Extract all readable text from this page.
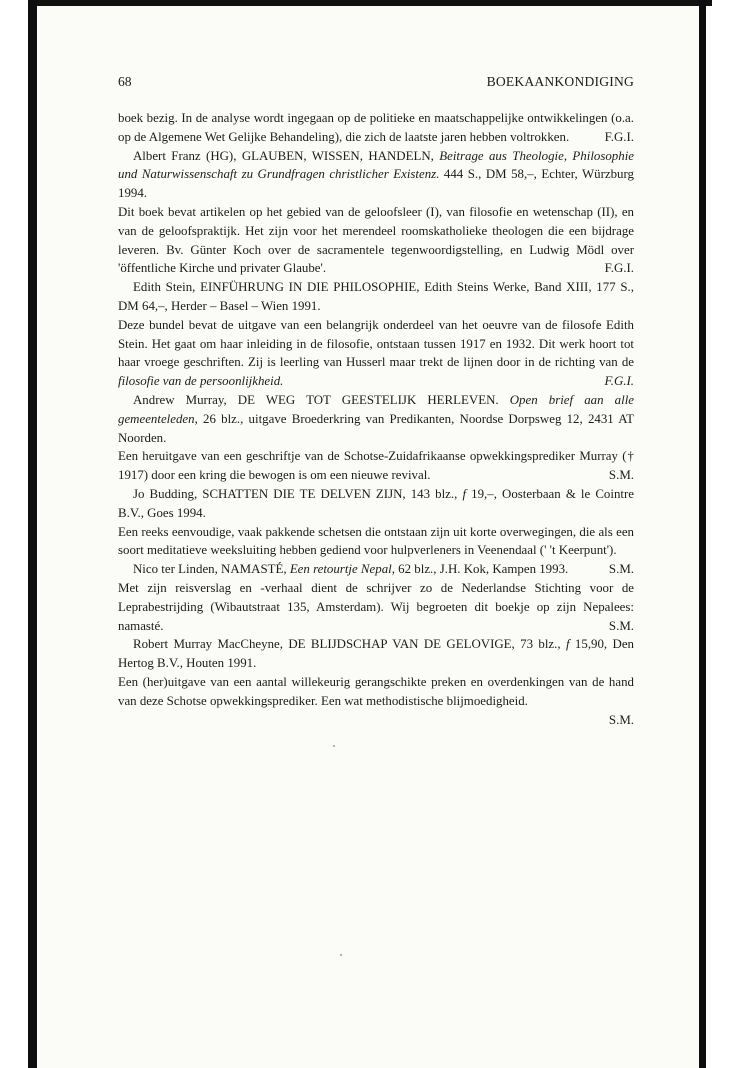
68	BOEKAANKONDIGING

boek bezig. In de analyse wordt ingegaan op de politieke en maatschappelijke ontwikkelingen (o.a. op de Algemene Wet Gelijke Behandeling), die zich de laatste jaren hebben voltrokken.	F.G.I.

Albert Franz (HG), GLAUBEN, WISSEN, HANDELN, Beitrage aus Theologie, Philosophie und Naturwissenschaft zu Grundfragen christlicher Existenz. 444 S., DM 58,–, Echter, Würzburg 1994.

Dit boek bevat artikelen op het gebied van de geloofsleer (I), van filosofie en wetenschap (II), en van de geloofspraktijk. Het zijn voor het merendeel roomskatholieke theologen die een bijdrage leveren. Bv. Günter Koch over de sacramentele tegenwoordigstelling, en Ludwig Mödl over 'öffentliche Kirche und privater Glaube'.	F.G.I.

Edith Stein, EINFÜHRUNG IN DIE PHILOSOPHIE, Edith Steins Werke, Band XIII, 177 S., DM 64,–, Herder – Basel – Wien 1991.

Deze bundel bevat de uitgave van een belangrijk onderdeel van het oeuvre van de filosofe Edith Stein. Het gaat om haar inleiding in de filosofie, ontstaan tussen 1917 en 1932. Dit werk hoort tot haar vroege geschriften. Zij is leerling van Husserl maar trekt de lijnen door in de richting van de filosofie van de persoonlijkheid.	F.G.I.

Andrew Murray, DE WEG TOT GEESTELIJK HERLEVEN. Open brief aan alle gemeenteleden, 26 blz., uitgave Broederkring van Predikanten, Noordse Dorpsweg 12, 2431 AT Noorden.

Een heruitgave van een geschriftje van de Schotse-Zuidafrikaanse opwekkingsprediker Murray († 1917) door een kring die bewogen is om een nieuwe revival.	S.M.

Jo Budding, SCHATTEN DIE TE DELVEN ZIJN, 143 blz., f 19,–, Oosterbaan & le Cointre B.V., Goes 1994.

Een reeks eenvoudige, vaak pakkende schetsen die ontstaan zijn uit korte overwegingen, die als een soort meditatieve weeksluiting hebben gediend voor hulpverleners in Veenendaal (' 't Keerpunt').
S.M.

Nico ter Linden, NAMASTÉ, Een retourtje Nepal, 62 blz., J.H. Kok, Kampen 1993.

Met zijn reisverslag en -verhaal dient de schrijver zo de Nederlandse Stichting voor de Leprabestrijding (Wibautstraat 135, Amsterdam). Wij begroeten dit boekje op zijn Nepalees: namasté.	S.M.

Robert Murray MacCheyne, DE BLIJDSCHAP VAN DE GELOVIGE, 73 blz., f 15,90, Den Hertog B.V., Houten 1991.

Een (her)uitgave van een aantal willekeurig gerangschikte preken en overdenkingen van de hand van deze Schotse opwekkingsprediker. Een wat methodistische blijmoedigheid.

S.M.
